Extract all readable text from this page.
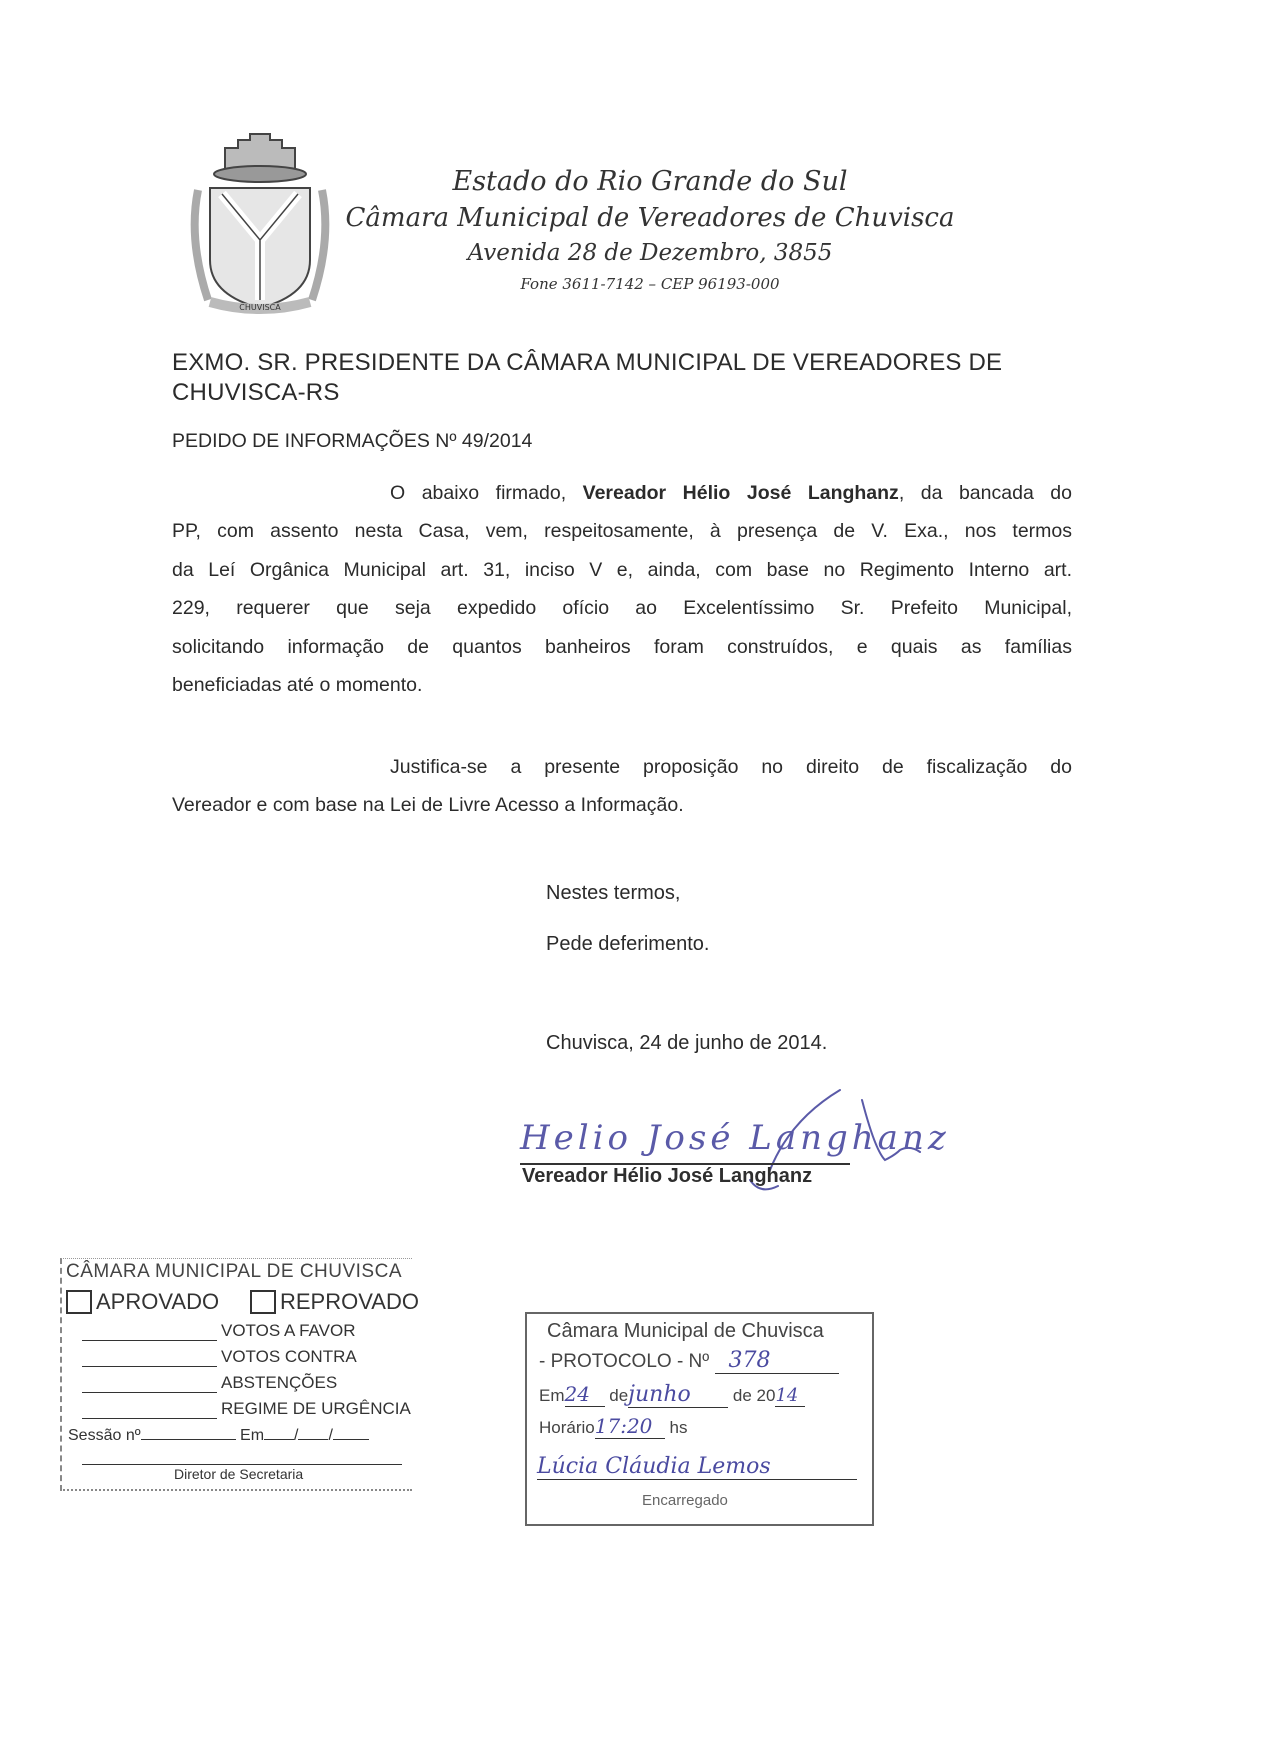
CHUVISCA
Estado do Rio Grande do Sul
Câmara Municipal de Vereadores de Chuvisca
Avenida 28 de Dezembro, 3855
Fone 3611-7142 – CEP 96193-000
EXMO. SR. PRESIDENTE DA CÂMARA MUNICIPAL DE VEREADORES DE
CHUVISCA-RS
PEDIDO DE INFORMAÇÕES Nº 49/2014
O abaixo firmado, Vereador Hélio José Langhanz, da bancada do
PP, com assento nesta Casa, vem, respeitosamente, à presença de V. Exa., nos termos
da Leí Orgânica Municipal art. 31, inciso V e, ainda, com base no Regimento Interno art.
229, requerer que seja expedido ofício ao Excelentíssimo Sr. Prefeito Municipal,
solicitando informação de quantos banheiros foram construídos, e quais as famílias
beneficiadas até o momento.
Justifica-se a presente proposição no direito de fiscalização do
Vereador e com base na Lei de Livre Acesso a Informação.
Nestes termos,
Pede deferimento.
Chuvisca, 24 de junho de 2014.
Helio José Langhanz
Vereador Hélio José Langhanz
CÂMARA MUNICIPAL DE CHUVISCA
APROVADO	REPROVADO
VOTOS A FAVOR
VOTOS CONTRA
ABSTENÇÕES
REGIME DE URGÊNCIA
Sessão nº	Em / /
Diretor de Secretaria
Câmara Municipal de Chuvisca
- PROTOCOLO - Nº 378
Em24 dejunho de 2014
Horário17:20 hs
Lúcia Cláudia Lemos
Encarregado
